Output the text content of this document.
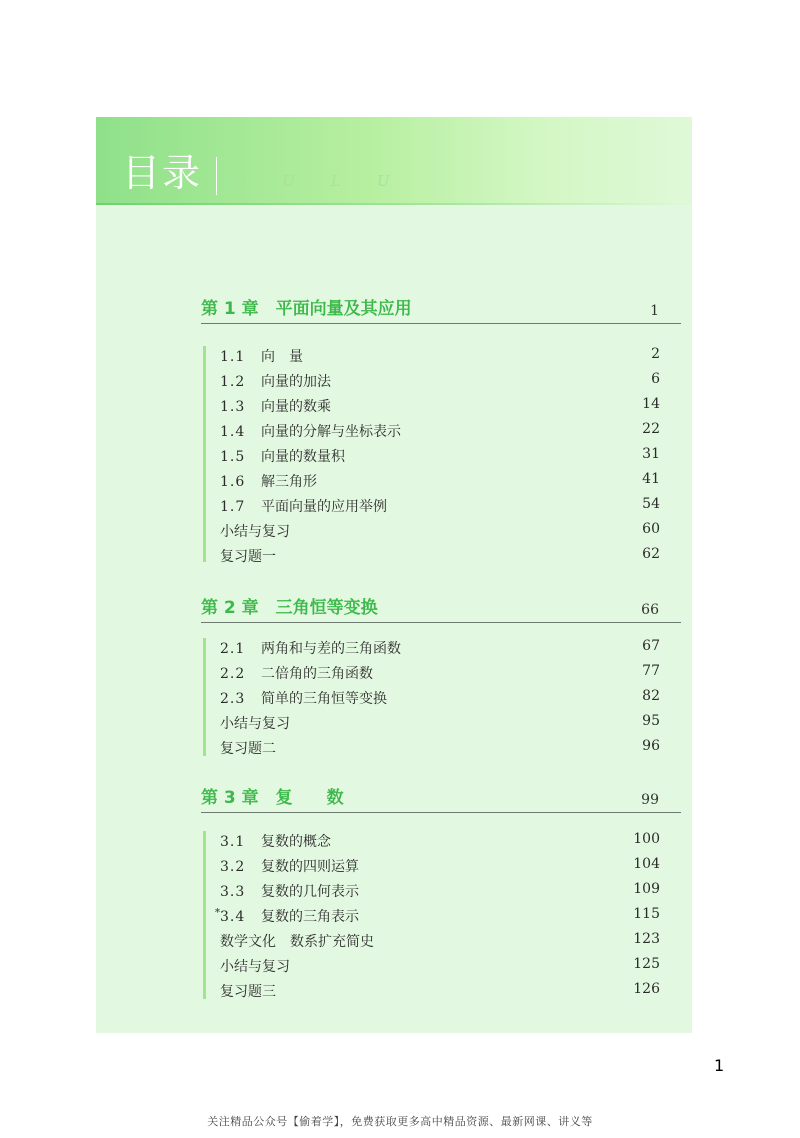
目录 M U L U
第 1 章　平面向量及其应用	1
1.1 向　量	2
1.2 向量的加法	6
1.3 向量的数乘	14
1.4 向量的分解与坐标表示	22
1.5 向量的数量积	31
1.6 解三角形	41
1.7 平面向量的应用举例	54
小结与复习	60
复习题一	62
第 2 章　三角恒等变换	66
2.1 两角和与差的三角函数	67
2.2 二倍角的三角函数	77
2.3 简单的三角恒等变换	82
小结与复习	95
复习题二	96
第 3 章　复　　数	99
3.1 复数的概念	100
3.2 复数的四则运算	104
3.3 复数的几何表示	109
*3.4 复数的三角表示	115
数学文化　数系扩充简史	123
小结与复习	125
复习题三	126
1
关注精品公众号【偷着学】，免费获取更多高中精品资源、最新网课、讲义等
